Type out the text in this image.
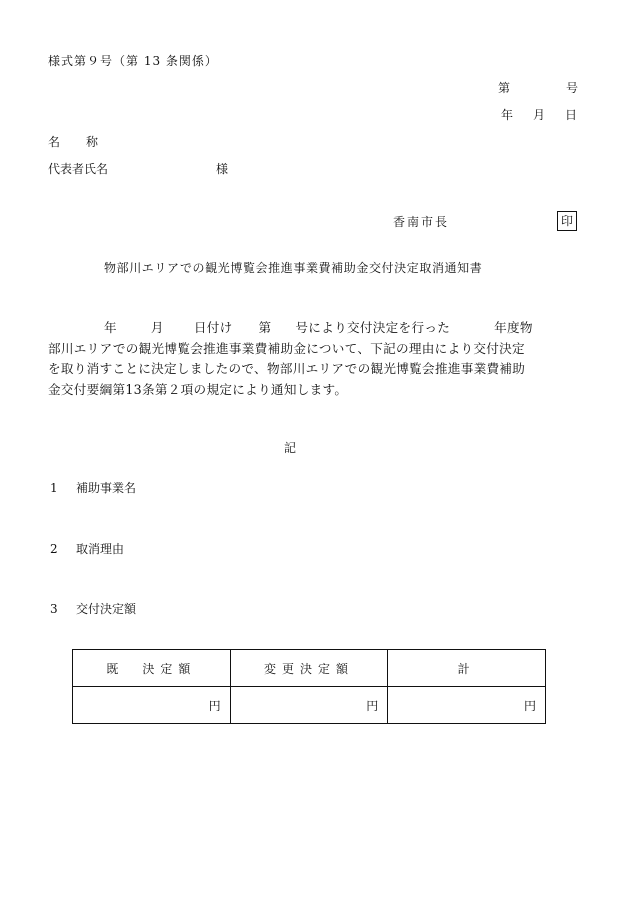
様式第９号（第 13 条関係）
第	号
年 月 日
名 称
代表者氏名	様
香南市長	印
物部川エリアでの観光博覧会推進事業費補助金交付決定取消通知書
年	月 日付け 第 号により交付決定を行った	年度物
部川エリアでの観光博覧会推進事業費補助金について、下記の理由により交付決定
を取り消すことに決定しましたので、物部川エリアでの観光博覧会推進事業費補助
金交付要綱第13条第２項の規定により通知します。
記
1 補助事業名
2 取消理由
3 交付決定額
既　決定額	変更決定額	計
円	円	円
